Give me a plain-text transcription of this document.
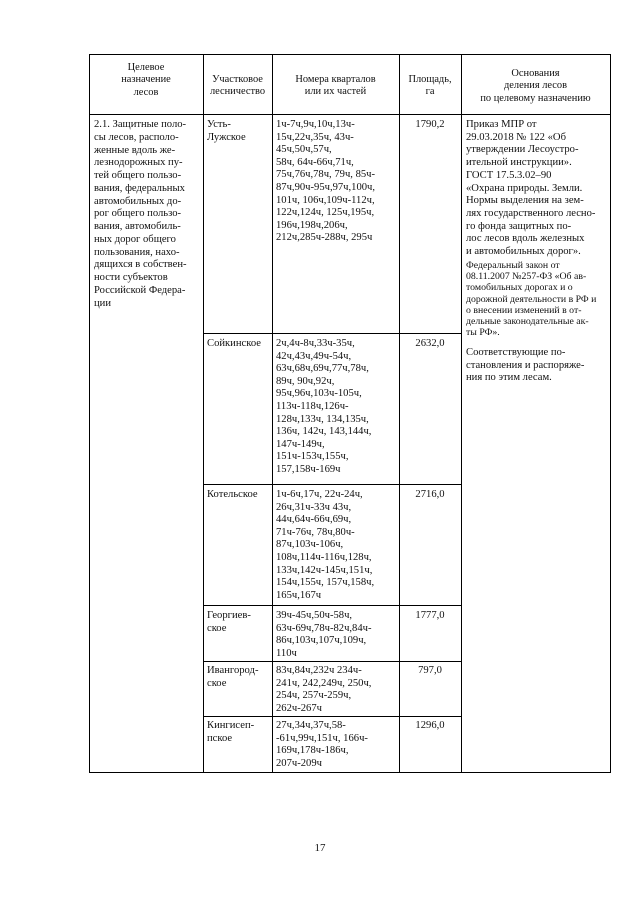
Целевое
назначение
лесов
Участковое
лесничество
Номера кварталов
или их частей
Площадь,
га
Основания
деления лесов
по целевому назначению
2.1. Защитные поло-
сы лесов, располо-
женные вдоль же-
лезнодорожных пу-
тей общего пользо-
вания, федеральных
автомобильных до-
рог общего пользо-
вания, автомобиль-
ных дорог общего
пользования, нахо-
дящихся в собствен-
ности субъектов
Российской Федера-
ции
Приказ МПР от
29.03.2018 № 122 «Об
утверждении Лесоустро-
ительной инструкции».
ГОСТ 17.5.3.02–90
«Охрана природы. Земли.
Нормы выделения на зем-
лях государственного лесно-
го фонда защитных по-
лос лесов вдоль железных
и автомобильных дорог».
Федеральный закон от
08.11.2007 №257-ФЗ «Об ав-
томобильных дорогах и о
дорожной деятельности в РФ и
о внесении изменений в от-
дельные законодательные ак-
ты РФ».
Соответствующие по-
становления и распоряже-
ния по этим лесам.
Усть-
Лужское
1ч-7ч,9ч,10ч,13ч-
15ч,22ч,35ч, 43ч-
45ч,50ч,57ч,
58ч, 64ч-66ч,71ч,
75ч,76ч,78ч, 79ч, 85ч-
87ч,90ч-95ч,97ч,100ч,
101ч, 106ч,109ч-112ч,
122ч,124ч, 125ч,195ч,
196ч,198ч,206ч,
212ч,285ч-288ч, 295ч
1790,2
Сойкинское	2ч,4ч-8ч,33ч-35ч,
42ч,43ч,49ч-54ч,
63ч,68ч,69ч,77ч,78ч,
89ч, 90ч,92ч,
95ч,96ч,103ч-105ч,
113ч-118ч,126ч-
128ч,133ч, 134,135ч,
136ч, 142ч, 143,144ч,
147ч-149ч,
151ч-153ч,155ч,
157,158ч-169ч
2632,0
Котельское	1ч-6ч,17ч, 22ч-24ч,
26ч,31ч-33ч 43ч,
44ч,64ч-66ч,69ч,
71ч-76ч, 78ч,80ч-
87ч,103ч-106ч,
108ч,114ч-116ч,128ч,
133ч,142ч-145ч,151ч,
154ч,155ч, 157ч,158ч,
165ч,167ч
2716,0
Георгиев-
ское
39ч-45ч,50ч-58ч,
63ч-69ч,78ч-82ч,84ч-
86ч,103ч,107ч,109ч,
110ч
1777,0
Ивангород-
ское
83ч,84ч,232ч 234ч-
241ч, 242,249ч, 250ч,
254ч, 257ч-259ч,
262ч-267ч
797,0
Кингисеп-
пское
27ч,34ч,37ч,58-
-61ч,99ч,151ч, 166ч-
169ч,178ч-186ч,
207ч-209ч
1296,0
17
